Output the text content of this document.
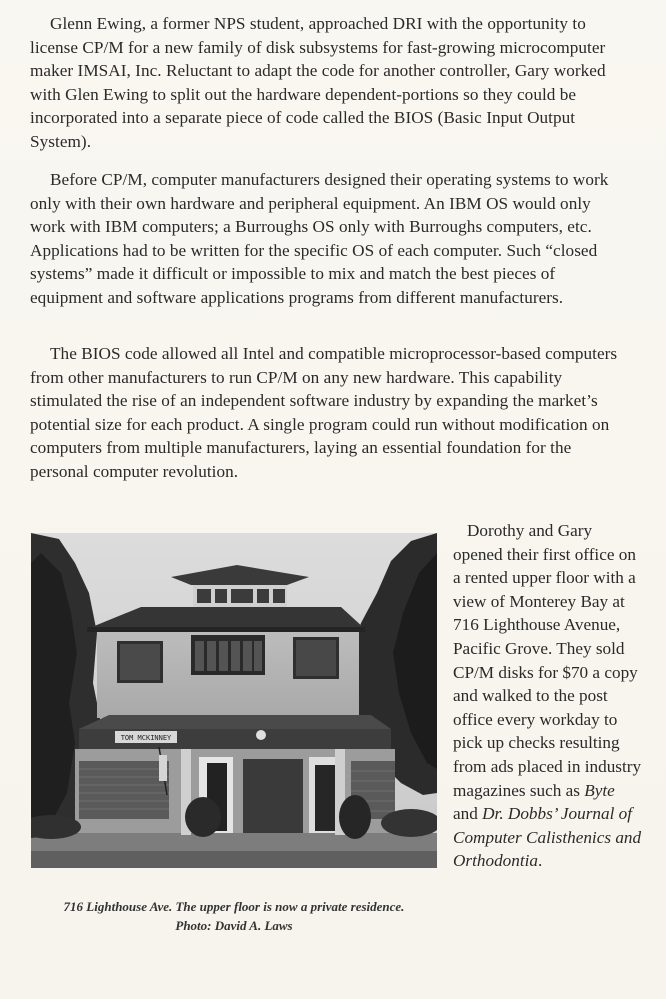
Glenn Ewing, a former NPS student, approached DRI with the opportunity to license CP/M for a new family of disk subsystems for fast-growing microcomputer maker IMSAI, Inc. Reluctant to adapt the code for another controller, Gary worked with Glen Ewing to split out the hardware dependent-portions so they could be incorporated into a separate piece of code called the BIOS (Basic Input Output System).

Before CP/M, computer manufacturers designed their operating systems to work only with their own hardware and peripheral equipment. An IBM OS would only work with IBM computers; a Burroughs OS only with Burroughs computers, etc. Applications had to be written for the specific OS of each computer. Such “closed systems” made it difficult or impossible to mix and match the best pieces of equipment and software applications programs from different manufacturers.

The BIOS code allowed all Intel and compatible microprocessor-based computers from other manufacturers to run CP/M on any new hardware. This capability stimulated the rise of an independent software industry by expanding the market’s potential size for each product. A single program could run without modification on computers from multiple manufacturers, laying an essential foundation for the personal computer revolution.

TOM MCKINNEY
716 Lighthouse Ave. The upper floor is now a private residence.
Photo: David A. Laws

Dorothy and Gary opened their first office on a rented upper floor with a view of Monterey Bay at 716 Lighthouse Avenue, Pacific Grove. They sold CP/M disks for $70 a copy and walked to the post office every workday to pick up checks resulting from ads placed in industry magazines such as Byte and Dr. Dobbs’ Journal of Computer Calisthenics and Orthodontia.
